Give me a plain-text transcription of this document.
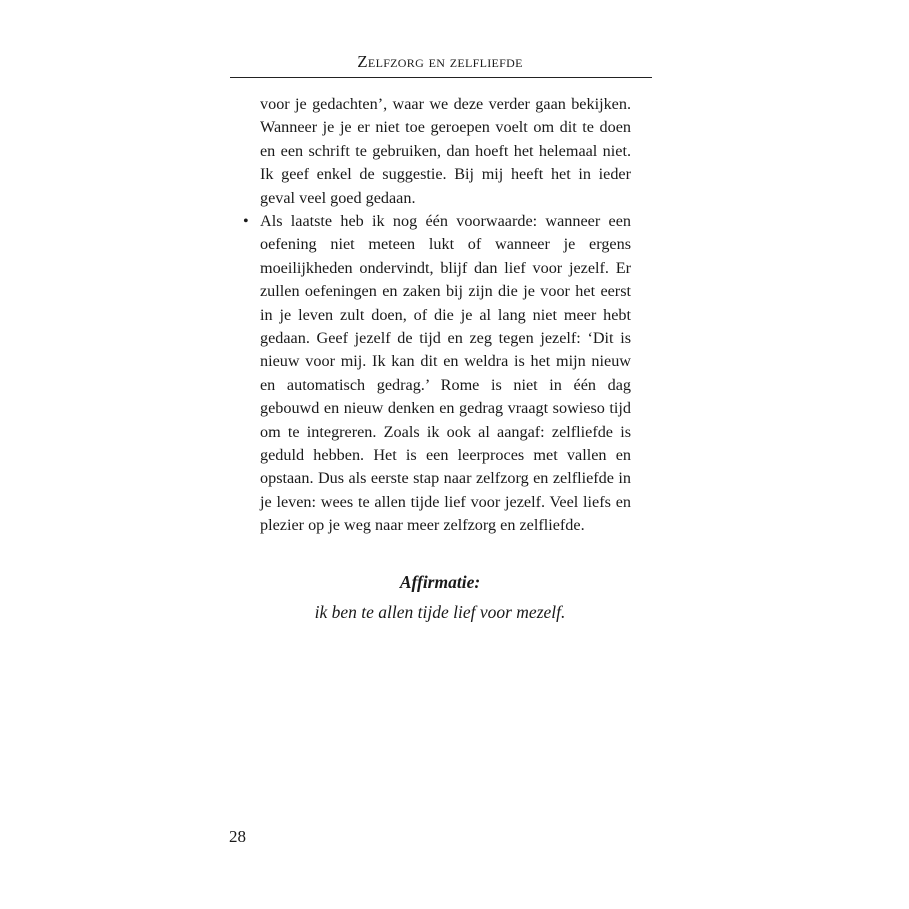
Zelfzorg en zelfliefde
voor je gedachten’, waar we deze verder gaan bekijken. Wanneer je je er niet toe geroepen voelt om dit te doen en een schrift te gebruiken, dan hoeft het helemaal niet. Ik geef enkel de suggestie. Bij mij heeft het in ieder geval veel goed gedaan.
• Als laatste heb ik nog één voorwaarde: wanneer een oefening niet meteen lukt of wanneer je ergens moeilijkheden ondervindt, blijf dan lief voor jezelf. Er zullen oefeningen en zaken bij zijn die je voor het eerst in je leven zult doen, of die je al lang niet meer hebt gedaan. Geef jezelf de tijd en zeg tegen jezelf: ‘Dit is nieuw voor mij. Ik kan dit en weldra is het mijn nieuw en automatisch gedrag.’ Rome is niet in één dag gebouwd en nieuw denken en gedrag vraagt sowieso tijd om te integreren. Zoals ik ook al aangaf: zelfliefde is geduld hebben. Het is een leerproces met vallen en opstaan. Dus als eerste stap naar zelfzorg en zelfliefde in je leven: wees te allen tijde lief voor jezelf. Veel liefs en plezier op je weg naar meer zelfzorg en zelfliefde.
Affirmatie:
ik ben te allen tijde lief voor mezelf.
28
